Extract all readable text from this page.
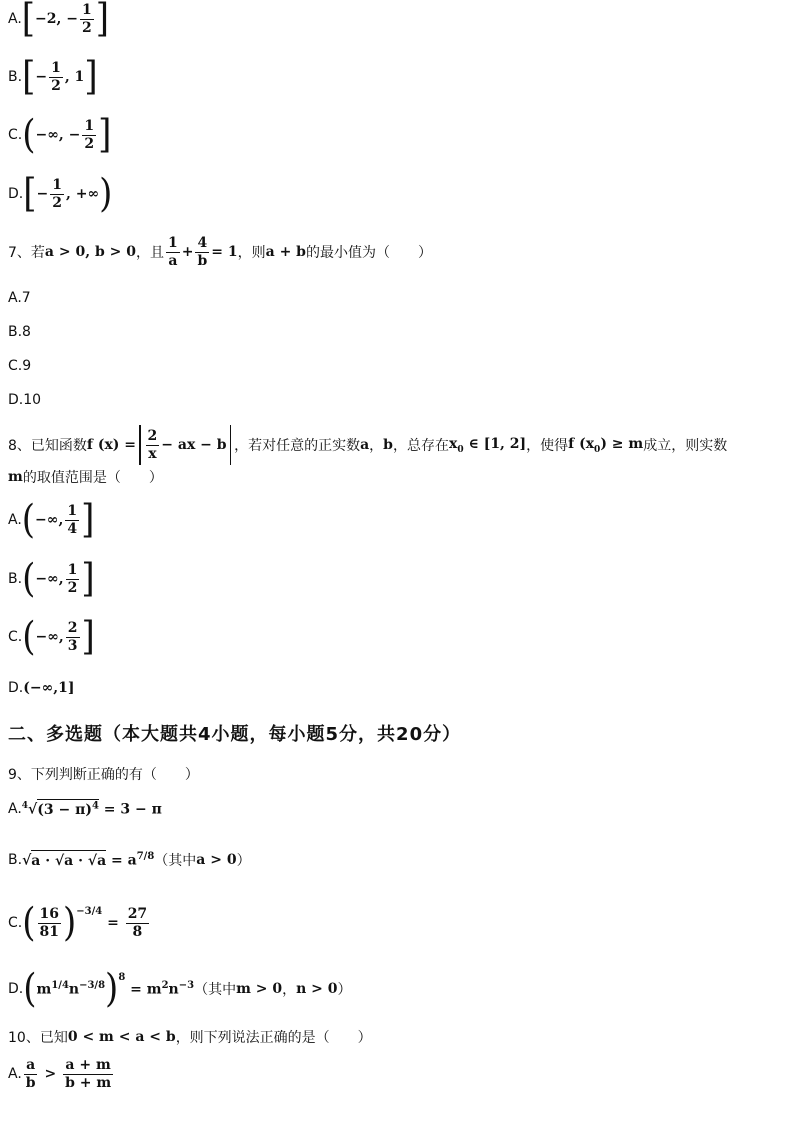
A. [ −2, − $\frac{1}{2}$ ]
B. [ − $\frac{1}{2}$ , 1 ]
C. ( −∞, − $\frac{1}{2}$ ]
D. [ − $\frac{1}{2}$ , +∞ )
7、若 a > 0, b > 0 ，且 $\frac{1}{a} + \frac{4}{b} = 1$ ，则 a + b 的最小值为（　　）
A.7
B.8
C.9
D.10
8、已知函数 f $(x) = \frac{2}{x}$ − ax − b ，若对任意的正实数 a ， b ，总存在 $x_0$ ∈ [1, 2] ，使得 f $(x_0) \ge m$ 成立，则实数
m 的取值范围是（　　）
A. ( −∞, $\frac{1}{4}$ ]
B. ( −∞, $\frac{1}{2}$ ]
C. ( −∞, $\frac{2}{3}$ ]
D. (−∞,1]
二、多选题（本大题共4小题，每小题5分，共20分）
9、下列判断正确的有（　　）
A. $^4√(3 - \pi)^4 = 3 - \pi$
B. $√a \cdot √a \cdot √a = a^{7/8}$ （其中 a > 0 ）
C. ( $\frac{16}{81} )^{-3/4}$
= $\frac{27}{8}$
D. ( $m^{1/4}n^{-3/8}$ )$^8$
= $m^2n^{-3}$ （其中 m > 0 ， n > 0 ）
10、已知 0 < m < a < b ，则下列说法正确的是（　　）
A. $\frac{a}{b} > \frac{a + m}{b + m}$
